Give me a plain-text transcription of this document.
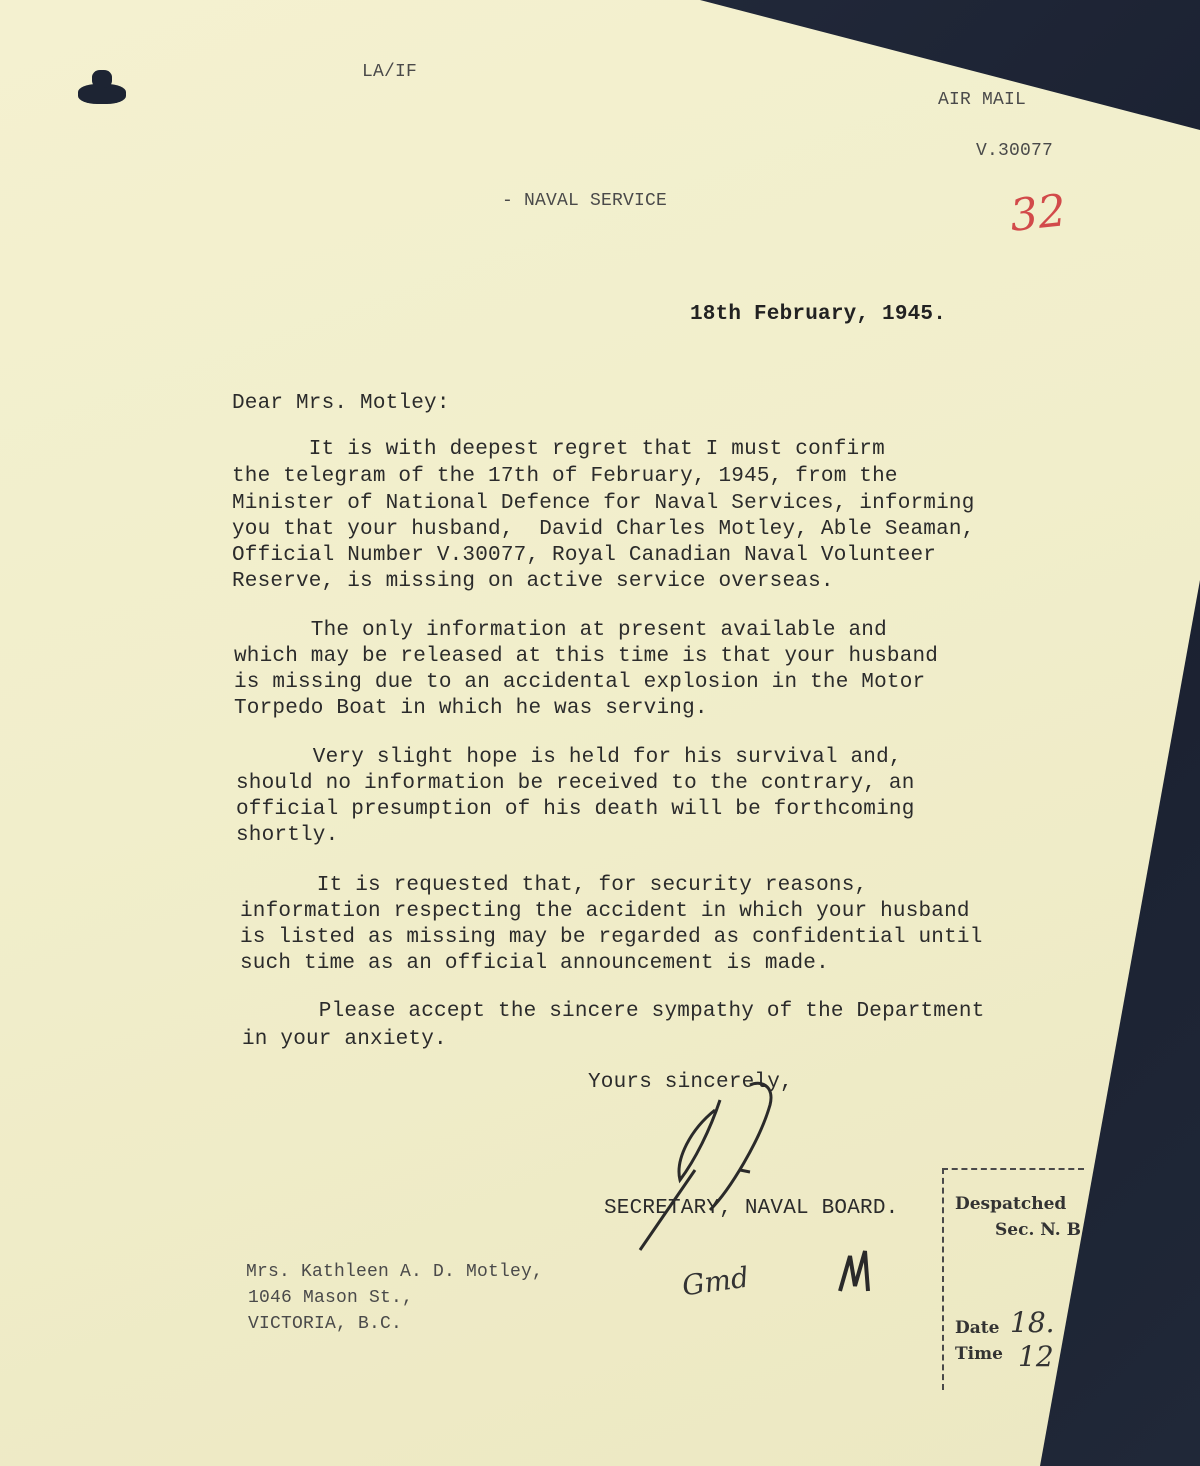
LA/IF
AIR MAIL
V.30077
- NAVAL SERVICE	32
18th February, 1945.
Dear Mrs. Motley:
It is with deepest regret that I must confirm
the telegram of the 17th of February, 1945, from the
Minister of National Defence for Naval Services, informing
you that your husband,  David Charles Motley, Able Seaman,
Official Number V.30077, Royal Canadian Naval Volunteer
Reserve, is missing on active service overseas.
The only information at present available and
which may be released at this time is that your husband
is missing due to an accidental explosion in the Motor
Torpedo Boat in which he was serving.
Very slight hope is held for his survival and,
should no information be received to the contrary, an
official presumption of his death will be forthcoming
shortly.
It is requested that, for security reasons,
information respecting the accident in which your husband
is listed as missing may be regarded as confidential until
such time as an official announcement is made.
Please accept the sincere sympathy of the Department
in your anxiety.
Yours sincerely,
SECRETARY, NAVAL BOARD.
Mrs. Kathleen A. D. Motley,
1046 Mason St.,
VICTORIA, B.C.
Gmd
Despatched
Sec. N. B
Date 18.
Time 12
